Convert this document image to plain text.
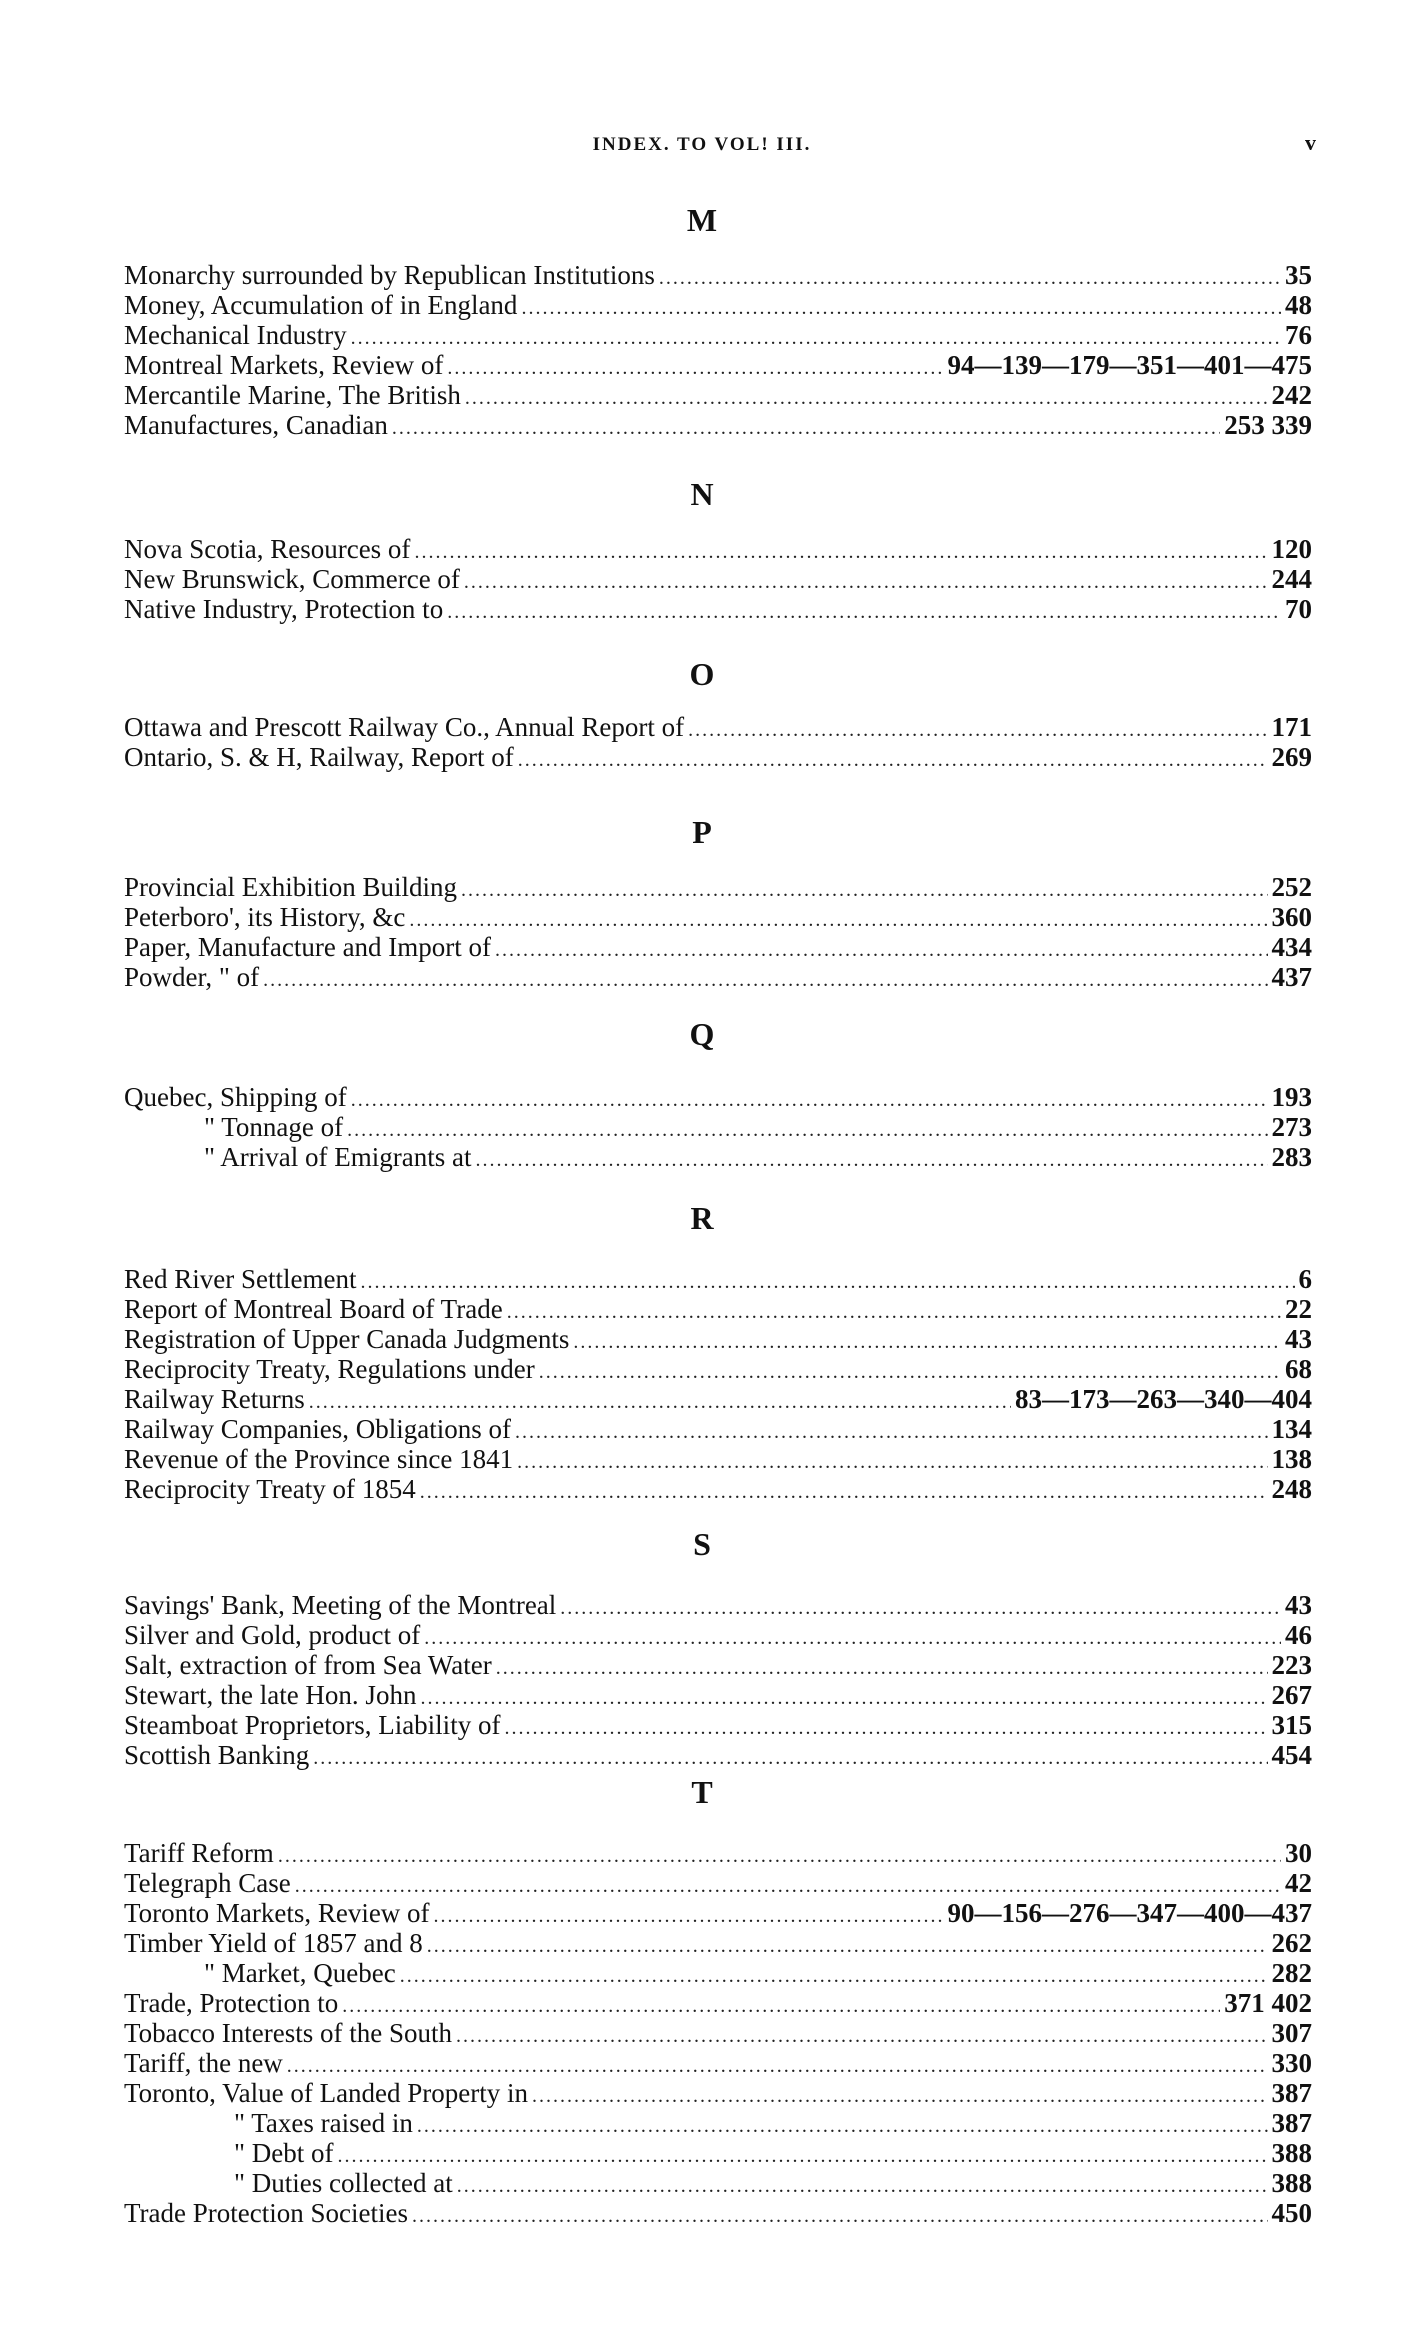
INDEX. TO VOL! III.	v
M
Monarchy surrounded by Republican Institutions .....	35
Money, Accumulation of in England .....	48
Mechanical Industry .....	76
Montreal Markets, Review of .....	94—139—179—351—401—475
Mercantile Marine, The British .....	242
Manufactures, Canadian .....	253 339
N
Nova Scotia, Resources of .....	120
New Brunswick, Commerce of .....	244
Native Industry, Protection to .....	70
O
Ottawa and Prescott Railway Co., Annual Report of .....	171
Ontario, S. & H, Railway, Report of .....	269
P
Provincial Exhibition Building .....	252
Peterboro', its History, &c .....	360
Paper, Manufacture and Import of .....	434
Powder, " of .....	437
Q
Quebec, Shipping of .....	193
" Tonnage of .....	273
" Arrival of Emigrants at .....	283
R
Red River Settlement .....	6
Report of Montreal Board of Trade .....	22
Registration of Upper Canada Judgments .....	43
Reciprocity Treaty, Regulations under .....	68
Railway Returns .....	83—173—263—340—404
Railway Companies, Obligations of .....	134
Revenue of the Province since 1841 .....	138
Reciprocity Treaty of 1854 .....	248
S
Savings' Bank, Meeting of the Montreal .....	43
Silver and Gold, product of .....	46
Salt, extraction of from Sea Water .....	223
Stewart, the late Hon. John .....	267
Steamboat Proprietors, Liability of .....	315
Scottish Banking .....	454
T
Tariff Reform .....	30
Telegraph Case .....	42
Toronto Markets, Review of .....	90—156—276—347—400—437
Timber Yield of 1857 and 8 .....	262
" Market, Quebec .....	282
Trade, Protection to .....	371 402
Tobacco Interests of the South .....	307
Tariff, the new .....	330
Toronto, Value of Landed Property in .....	387
" Taxes raised in .....	387
" Debt of .....	388
" Duties collected at .....	388
Trade Protection Societies .....	450
